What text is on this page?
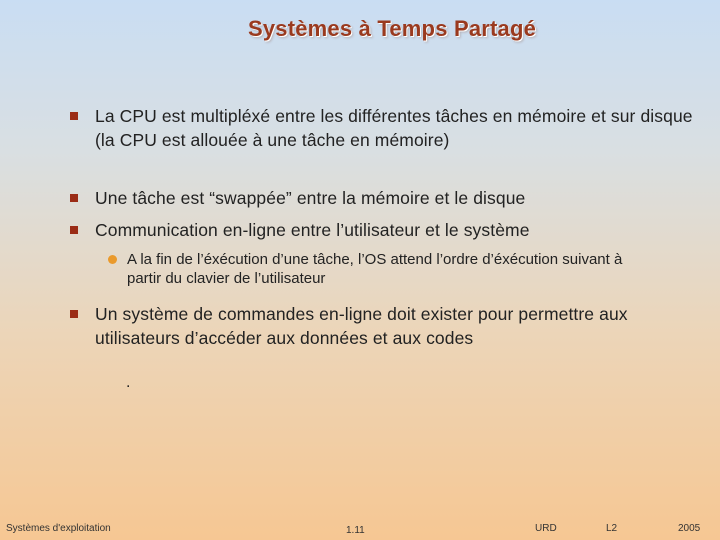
Systèmes à Temps Partagé
La CPU est multipléxé entre les différentes tâches en mémoire et sur disque (la CPU est allouée à une tâche en mémoire)
Une tâche est “swappée” entre la mémoire et le disque
Communication en-ligne entre l’utilisateur et le système
Un système de commandes en-ligne doit exister pour permettre aux utilisateurs d’accéder aux données et aux codes
A la fin de l’éxécution d’une tâche, l’OS attend l’ordre d’éxécution suivant à partir du clavier de l’utilisateur
.
Systèmes d'exploitation	1.11	URD	L2	2005
